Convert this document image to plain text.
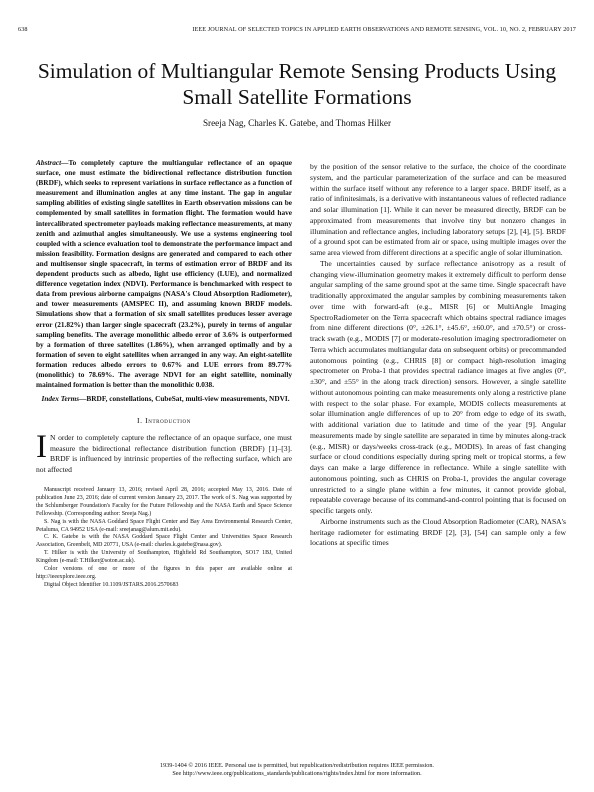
638	IEEE JOURNAL OF SELECTED TOPICS IN APPLIED EARTH OBSERVATIONS AND REMOTE SENSING, VOL. 10, NO. 2, FEBRUARY 2017
Simulation of Multiangular Remote Sensing Products Using Small Satellite Formations
Sreeja Nag, Charles K. Gatebe, and Thomas Hilker

Abstract—To completely capture the multiangular reflectance of an opaque surface, one must estimate the bidirectional reflectance distribution function (BRDF), which seeks to represent variations in surface reflectance as a function of measurement and illumination angles at any time instant. The gap in angular sampling abilities of existing single satellites in Earth observation missions can be complemented by small satellites in formation flight. The formation would have intercalibrated spectrometer payloads making reflectance measurements, at many zenith and azimuthal angles simultaneously. We use a systems engineering tool coupled with a science evaluation tool to demonstrate the performance impact and mission feasibility. Formation designs are generated and compared to each other and multisensor single spacecraft, in terms of estimation error of BRDF and its dependent products such as albedo, light use efficiency (LUE), and normalized difference vegetation index (NDVI). Performance is benchmarked with respect to data from previous airborne campaigns (NASA's Cloud Absorption Radiometer), and tower measurements (AMSPEC II), and assuming known BRDF models. Simulations show that a formation of six small satellites produces lesser average error (21.82%) than larger single spacecraft (23.2%), purely in terms of angular sampling benefits. The average monolithic albedo error of 3.6% is outperformed by a formation of three satellites (1.86%), when arranged optimally and by a formation of seven to eight satellites when arranged in any way. An eight-satellite formation reduces albedo errors to 0.67% and LUE errors from 89.77% (monolithic) to 78.69%. The average NDVI for an eight satellite, nominally maintained formation is better than the monolithic 0.038.

Index Terms—BRDF, constellations, CubeSat, multi-view measurements, NDVI.

I. Introduction

I N order to completely capture the reflectance of an opaque surface, one must measure the bidirectional reflectance distribution function (BRDF) [1]–[3]. BRDF is influenced by intrinsic properties of the reflecting surface, which are not affected

Manuscript received January 13, 2016; revised April 28, 2016; accepted May 13, 2016. Date of publication June 23, 2016; date of current version January 23, 2017. The work of S. Nag was supported by the Schlumberger Foundation's Faculty for the Future Fellowship and the NASA Earth and Space Science Fellowship. (Corresponding author: Sreeja Nag.)

S. Nag is with the NASA Goddard Space Flight Center and Bay Area Environmental Research Center, Petaluma, CA 94952 USA (e-mail: sreejanag@alum.mit.edu).

C. K. Gatebe is with the NASA Goddard Space Flight Center and Universities Space Research Association, Greenbelt, MD 20771, USA (e-mail: charles.k.gatebe@nasa.gov).

T. Hilker is with the University of Southampton, Highfield Rd Southampton, SO17 1BJ, United Kingdom (e-mail: T.Hilker@soton.ac.uk).

Color versions of one or more of the figures in this paper are available online at http://ieeexplore.ieee.org.

Digital Object Identifier 10.1109/JSTARS.2016.2570683

by the position of the sensor relative to the surface, the choice of the coordinate system, and the particular parameterization of the surface and can be measured within the surface itself without any reference to a larger space. BRDF itself, as a ratio of infinitesimals, is a derivative with instantaneous values of reflected radiance and solar illumination [1]. While it can never be measured directly, BRDF can be approximated from measurements that involve tiny but nonzero changes in illumination and reflectance angles, including laboratory setups [2], [4], [5]. BRDF of a ground spot can be estimated from air or space, using multiple images over the same area viewed from different directions at a specific angle of solar illumination.

The uncertainties caused by surface reflectance anisotropy as a result of changing view-illumination geometry makes it extremely difficult to perform dense angular sampling of the same ground spot at the same time. Single spacecraft have traditionally approximated the angular samples by combining measurements taken over time with forward-aft (e.g., MISR [6] or MultiAngle Imaging SpectroRadiometer on the Terra spacecraft which obtains spectral radiance images from nine different directions (0°, ±26.1°, ±45.6°, ±60.0°, and ±70.5°) or cross-track swath (e.g., MODIS [7] or moderate-resolution imaging spectroradiometer on Terra which accumulates multiangular data on subsequent orbits) or precommanded autonomous pointing (e.g., CHRIS [8] or compact high-resolution imaging spectrometer on Proba-1 that provides spectral radiance images at five angles (0°, ±30°, and ±55° in the along track direction) sensors. However, a single satellite without autonomous pointing can make measurements only along a restrictive plane with respect to the solar phase. For example, MODIS collects measurements at solar illumination angle differences of up to 20° from edge to edge of its swath, with additional variation due to latitude and time of the year [9]. Angular measurements made by single satellite are separated in time by minutes along-track (e.g., MISR) or days/weeks cross-track (e.g., MODIS). In areas of fast changing surface or cloud conditions especially during spring melt or tropical storms, a few days can make a large difference in reflectance. While a single satellite with autonomous pointing, such as CHRIS on Proba-1, provides the angular coverage unrestricted to a single plane within a few minutes, it cannot provide global, repeatable coverage because of its command-and-control pointing that is focused on specific targets only.

Airborne instruments such as the Cloud Absorption Radiometer (CAR), NASA's heritage radiometer for estimating BRDF [2], [3], [54] can sample only a few locations at specific times

1939-1404 © 2016 IEEE. Personal use is permitted, but republication/redistribution requires IEEE permission.
See http://www.ieee.org/publications_standards/publications/rights/index.html for more information.
